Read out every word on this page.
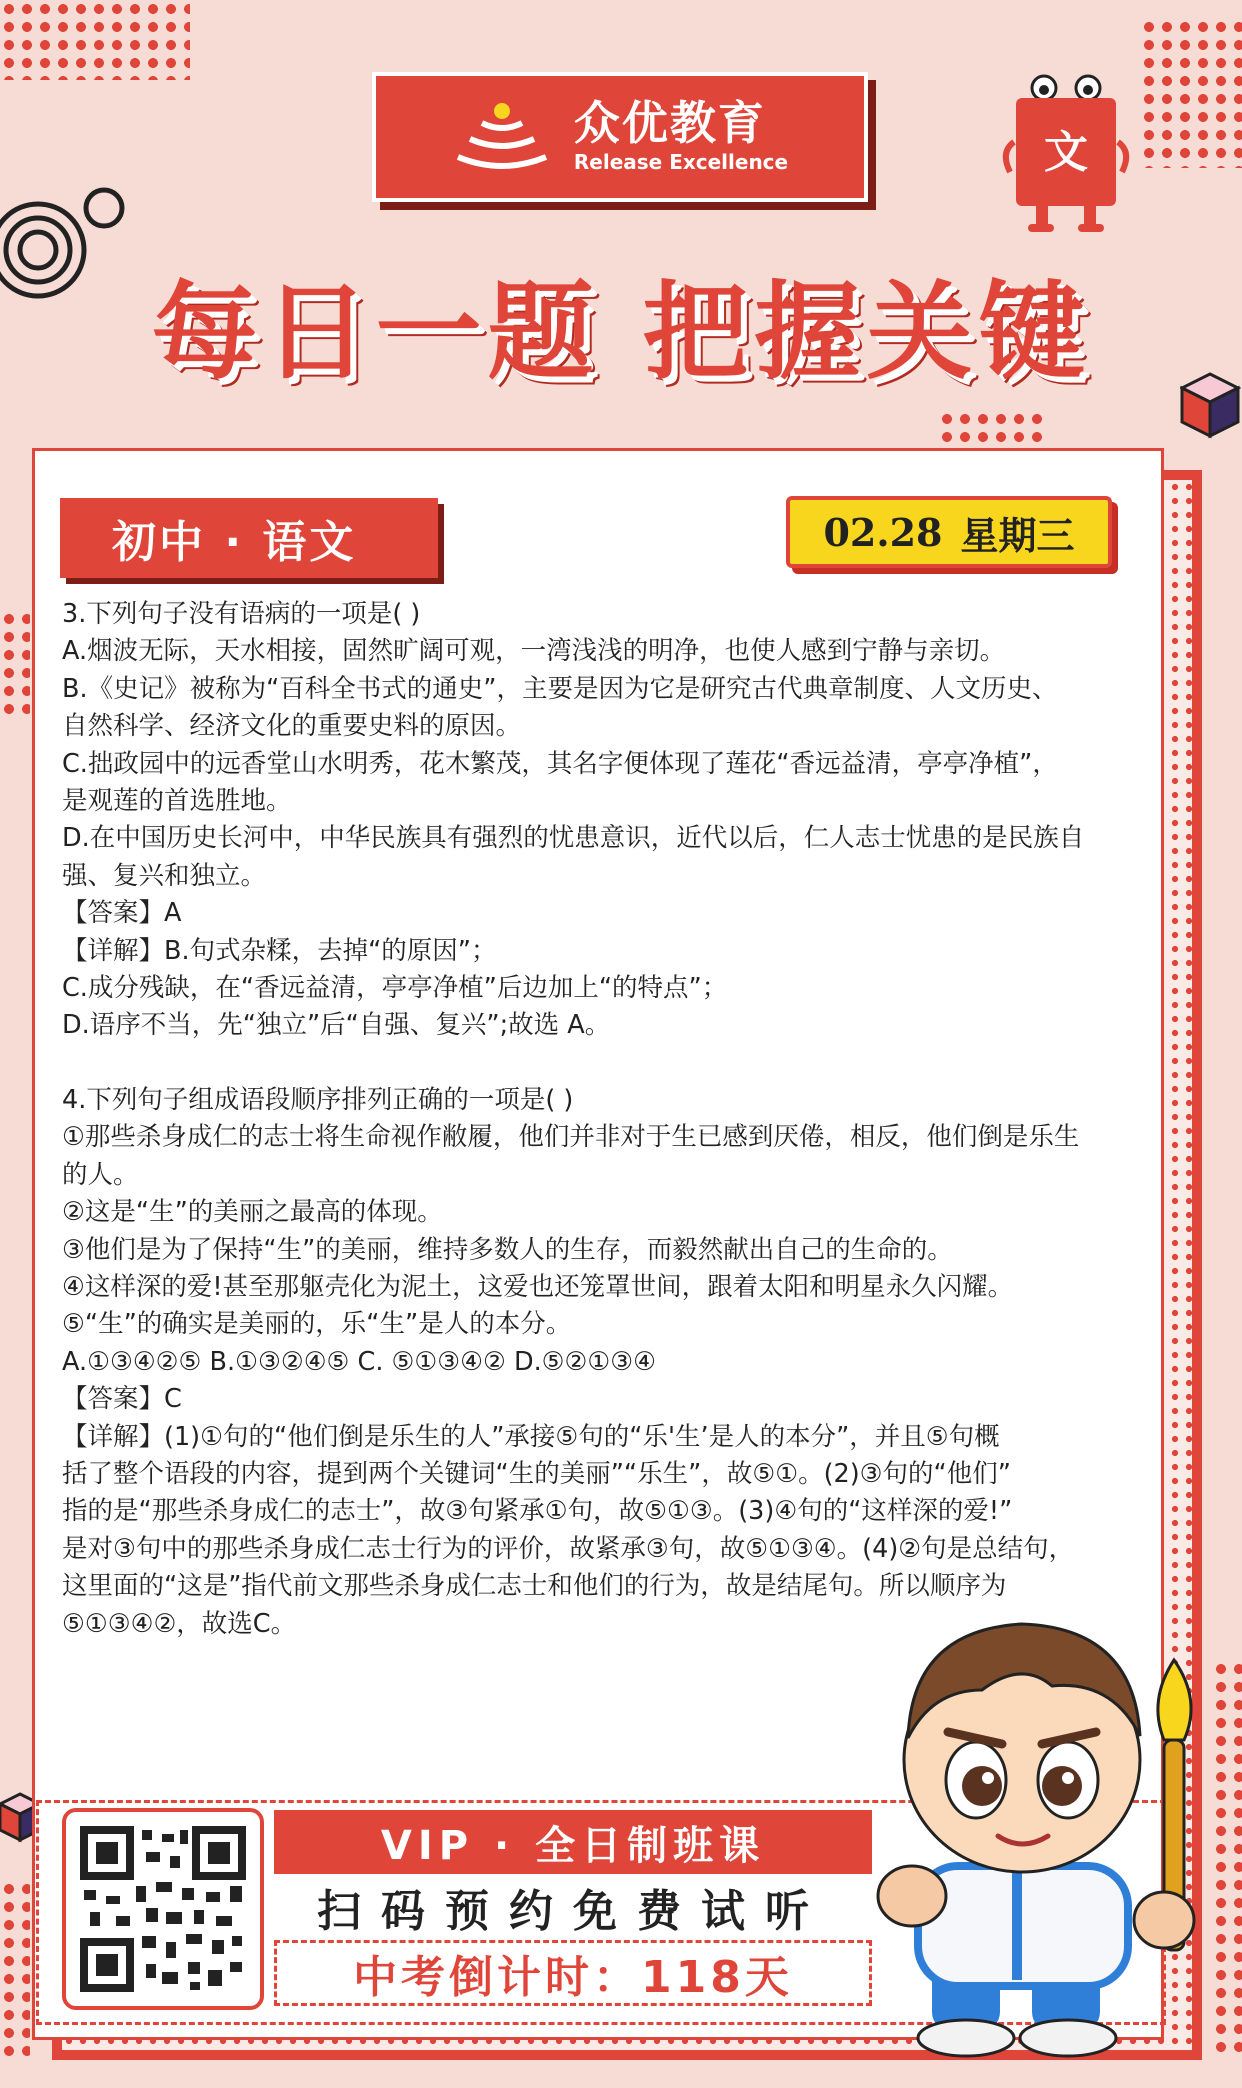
众优教育
Release Excellence	文
每日一题 把握关键
初中 · 语文	02.28 星期三
3.下列句子没有语病的一项是( )
A.烟波无际，天水相接，固然旷阔可观，一湾浅浅的明净，也使人感到宁静与亲切。
B.《史记》被称为“百科全书式的通史”，主要是因为它是研究古代典章制度、人文历史、
自然科学、经济文化的重要史料的原因。
C.拙政园中的远香堂山水明秀，花木繁茂，其名字便体现了莲花“香远益清，亭亭净植”，
是观莲的首选胜地。
D.在中国历史长河中，中华民族具有强烈的忧患意识，近代以后，仁人志士忧患的是民族自
强、复兴和独立。
【答案】A
【详解】B.句式杂糅，去掉“的原因”；
C.成分残缺，在“香远益清，亭亭净植”后边加上“的特点”；
D.语序不当，先“独立”后“自强、复兴”;故选 A。
4.下列句子组成语段顺序排列正确的一项是( )
①那些杀身成仁的志士将生命视作敝履，他们并非对于生已感到厌倦，相反，他们倒是乐生
的人。
②这是“生”的美丽之最高的体现。
③他们是为了保持“生”的美丽，维持多数人的生存，而毅然献出自己的生命的。
④这样深的爱!甚至那躯壳化为泥土，这爱也还笼罩世间，跟着太阳和明星永久闪耀。
⑤“生”的确实是美丽的，乐“生”是人的本分。
A.①③④②⑤ B.①③②④⑤ C. ⑤①③④② D.⑤②①③④
【答案】C
【详解】(1)①句的“他们倒是乐生的人”承接⑤句的“乐'生’是人的本分”，并且⑤句概
括了整个语段的内容，提到两个关键词“生的美丽”“乐生”，故⑤①。(2)③句的“他们”
指的是“那些杀身成仁的志士”，故③句紧承①句，故⑤①③。(3)④句的“这样深的爱!”
是对③句中的那些杀身成仁志士行为的评价，故紧承③句，故⑤①③④。(4)②句是总结句，
这里面的“这是”指代前文那些杀身成仁志士和他们的行为，故是结尾句。所以顺序为
⑤①③④②，故选C。
VIP · 全日制班课
扫码预约免费试听
中考倒计时：118天
